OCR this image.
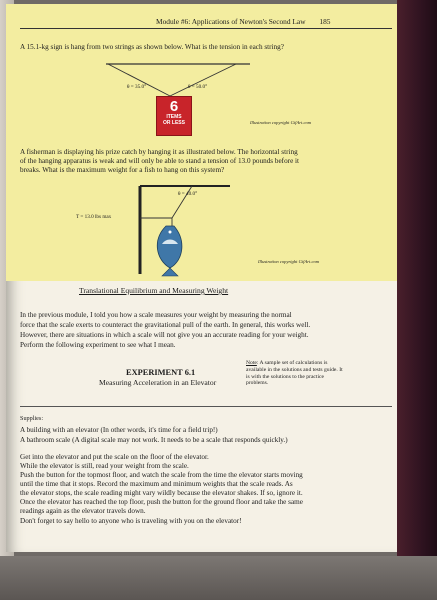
Module #6: Applications of Newton's Second Law 185
A 15.1-kg sign is hang from two strings as shown below. What is the tension in each string?
θ = 35.0°	θ = 50.0°
6
ITEMS
OR LESS	Illustration copyright GifArt.com
A fisherman is displaying his prize catch by hanging it as illustrated below. The horizontal string
of the hanging apparatus is weak and will only be able to stand a tension of 13.0 pounds before it
breaks. What is the maximum weight for a fish to hang on this system?
θ = 40.0°
T = 13.0 lbs max
Illustration copyright GifArt.com
Translational Equilibrium and Measuring Weight
In the previous module, I told you how a scale measures your weight by measuring the normal
force that the scale exerts to counteract the gravitational pull of the earth. In general, this works well.
However, there are situations in which a scale will not give you an accurate reading for your weight.
Perform the following experiment to see what I mean.
EXPERIMENT 6.1
Measuring Acceleration in an Elevator
Note: A sample set of calculations is available in the solutions and tests guide. It is with the solutions to the practice problems.
Supplies:
A building with an elevator (In other words, it's time for a field trip!)
A bathroom scale (A digital scale may not work. It needs to be a scale that responds quickly.)
Get into the elevator and put the scale on the floor of the elevator.
While the elevator is still, read your weight from the scale.
Push the button for the topmost floor, and watch the scale from the time the elevator starts moving
until the time that it stops. Record the maximum and minimum weights that the scale reads. As
the elevator stops, the scale reading might vary wildly because the elevator shakes. If so, ignore it.
Once the elevator has reached the top floor, push the button for the ground floor and take the same
readings again as the elevator travels down.
Don't forget to say hello to anyone who is traveling with you on the elevator!
